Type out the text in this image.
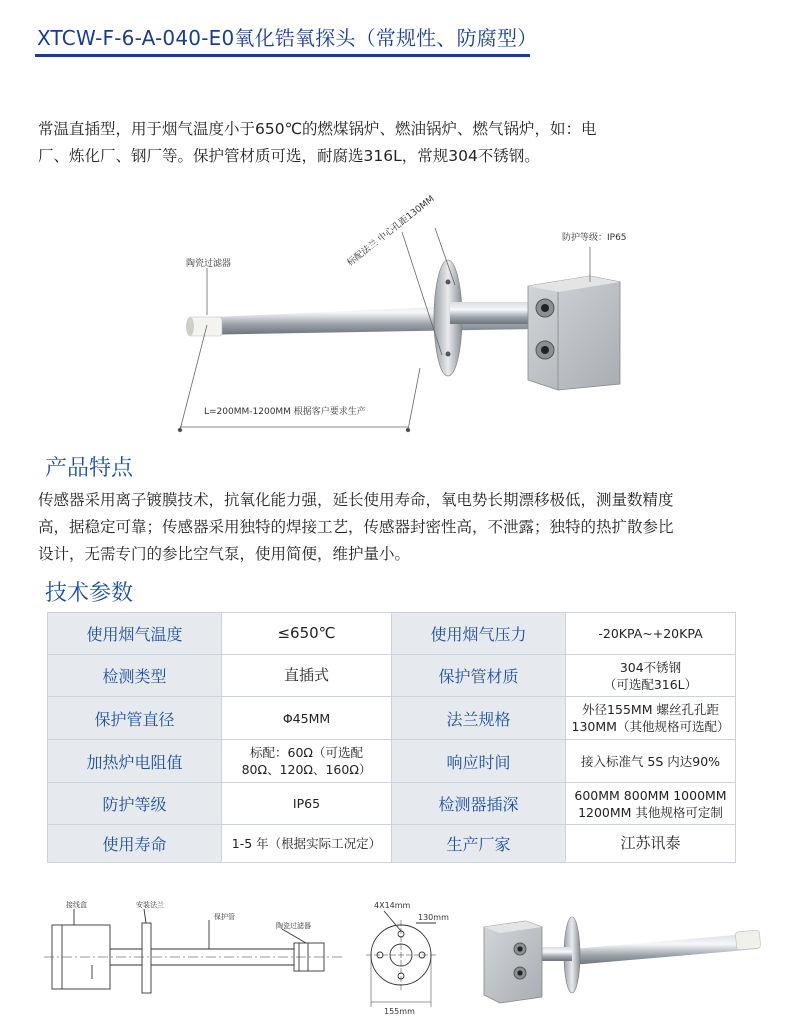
XTCW-F-6-A-040-E0氧化锆氧探头（常规性、防腐型）
常温直插型，用于烟气温度小于650℃的燃煤锅炉、燃油锅炉、燃气锅炉，如：电
厂、炼化厂、钢厂等。保护管材质可选，耐腐选316L，常规304不锈钢。
陶瓷过滤器	标配法兰 中心孔距130MM	防护等级：IP65
L=200MM-1200MM 根据客户要求生产
产品特点
传感器采用离子镀膜技术，抗氧化能力强，延长使用寿命，氧电势长期漂移极低，测量数精度
高，据稳定可靠；传感器采用独特的焊接工艺，传感器封密性高，不泄露；独特的热扩散参比
设计，无需专门的参比空气泵，使用简便，维护量小。
技术参数
使用烟气温度	≤650℃	使用烟气压力	-20KPA~+20KPA

检测类型	直插式	保护管材质	304不锈钢
（可选配316L）

保护管直径	Φ45MM	法兰规格	外径155MM 螺丝孔孔距
130MM（其他规格可选配）

加热炉电阻值	标配：60Ω（可选配
80Ω、120Ω、160Ω）	响应时间	接入标准气 5S 内达90%

防护等级	IP65	检测器插深	600MM 800MM 1000MM
1200MM 其他规格可定制

使用寿命	1-5 年（根据实际工况定）	生产厂家	江苏讯泰
接线盒	安装法兰
保护管
陶瓷过滤器
4X14mm
130mm
155mm
